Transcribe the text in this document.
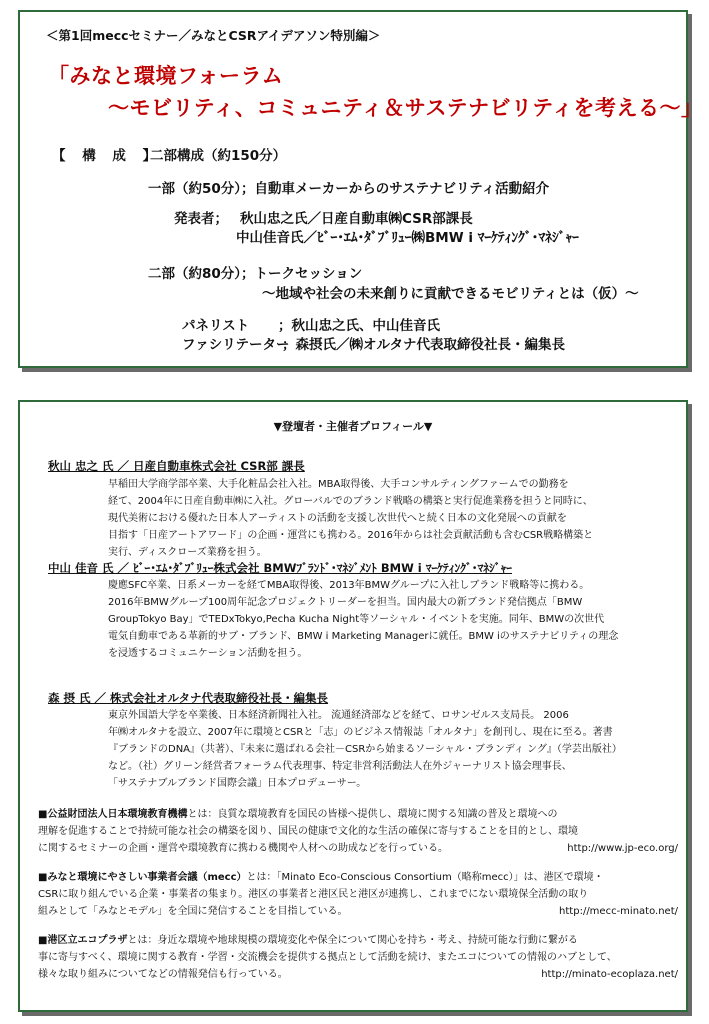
＜第1回meccセミナー／みなとCSRアイデアソン特別編＞
「みなと環境フォーラム
～モビリティ、コミュニティ＆サステナビリティを考える～」
【 構 成 】
二部構成（約150分）
一部（約50分）；自動車メーカーからのサステナビリティ活動紹介
発表者； 秋山忠之氏／日産自動車㈱CSR部課長
中山佳音氏／ﾋﾞｰ･ｴﾑ･ﾀﾞﾌﾞﾘｭｰ㈱BMW i ﾏｰｹﾃｨﾝｸﾞ･ﾏﾈｼﾞｬｰ
二部（約80分）；トークセッション
～地域や社会の未来創りに貢献できるモビリティとは（仮）～
パネリスト ；秋山忠之氏、中山佳音氏
ファシリテーター
；森摂氏／㈱オルタナ代表取締役社長・編集長
▼登壇者・主催者プロフィール▼
秋山 忠之 氏 ／ 日産自動車株式会社 CSR部 課長
早稲田大学商学部卒業、大手化粧品会社入社。MBA取得後、大手コンサルティングファームでの勤務を
経て、2004年に日産自動車㈱に入社。グローバルでのブランド戦略の構築と実行促進業務を担うと同時に、
現代美術における優れた日本人アーティストの活動を支援し次世代へと続く日本の文化発展への貢献を
目指す「日産アートアワード」の企画・運営にも携わる。2016年からは社会貢献活動も含むCSR戦略構築と
実行、ディスクローズ業務を担う。
中山 佳音 氏 ／ ﾋﾞｰ･ｴﾑ･ﾀﾞﾌﾞﾘｭｰ株式会社 BMWﾌﾞﾗﾝﾄﾞ･ﾏﾈｼﾞﾒﾝﾄ BMW i ﾏｰｹﾃｨﾝｸﾞ･ﾏﾈｼﾞｬｰ
慶應SFC卒業、日系メーカーを経てMBA取得後、2013年BMWグループに入社しブランド戦略等に携わる。
2016年BMWグループ100周年記念プロジェクトリーダーを担当。国内最大の新ブランド発信拠点「BMW
GroupTokyo Bay」でTEDxTokyo,Pecha Kucha Night等ソーシャル・イベントを実施。同年、BMWの次世代
電気自動車である革新的サブ・ブランド、BMW i Marketing Managerに就任。BMW iのサステナビリティの理念
を浸透するコミュニケーション活動を担う。
森 摂 氏 ／ 株式会社オルタナ代表取締役社長・編集長
東京外国語大学を卒業後、日本経済新聞社入社。 流通経済部などを経て、ロサンゼルス支局長。 2006
年㈱オルタナを設立、2007年に環境とCSRと「志」のビジネス情報誌「オルタナ」を創刊し、現在に至る。著書
『ブランドのDNA』（共著）、『未来に選ばれる会社－CSRから始まるソーシャル・ブランディ ング』（学芸出版社）
など。（社）グリーン経営者フォーラム代表理事、特定非営利活動法人在外ジャーナリスト協会理事長、
「サステナブルブランド国際会議」日本プロデューサー。
■公益財団法人日本環境教育機構とは：良質な環境教育を国民の皆様へ提供し、環境に関する知識の普及と環境への
理解を促進することで持続可能な社会の構築を図り、国民の健康で文化的な生活の確保に寄与することを目的とし、環境
に関するセミナーの企画・運営や環境教育に携わる機関や人材への助成などを行っている。	http://www.jp-eco.org/
■みなと環境にやさしい事業者会議（mecc）とは：「Minato Eco-Conscious Consortium（略称mecc）」は、港区で環境・
CSRに取り組んでいる企業・事業者の集まり。港区の事業者と港区民と港区が連携し、これまでにない環境保全活動の取り
組みとして「みなとモデル」を全国に発信することを目指している。	http://mecc-minato.net/
■港区立エコプラザとは：身近な環境や地球規模の環境変化や保全について関心を持ち・考え、持続可能な行動に繋がる
事に寄与すべく、環境に関する教育・学習・交流機会を提供する拠点として活動を続け、またエコについての情報のハブとして、
様々な取り組みについてなどの情報発信も行っている。	http://minato-ecoplaza.net/
